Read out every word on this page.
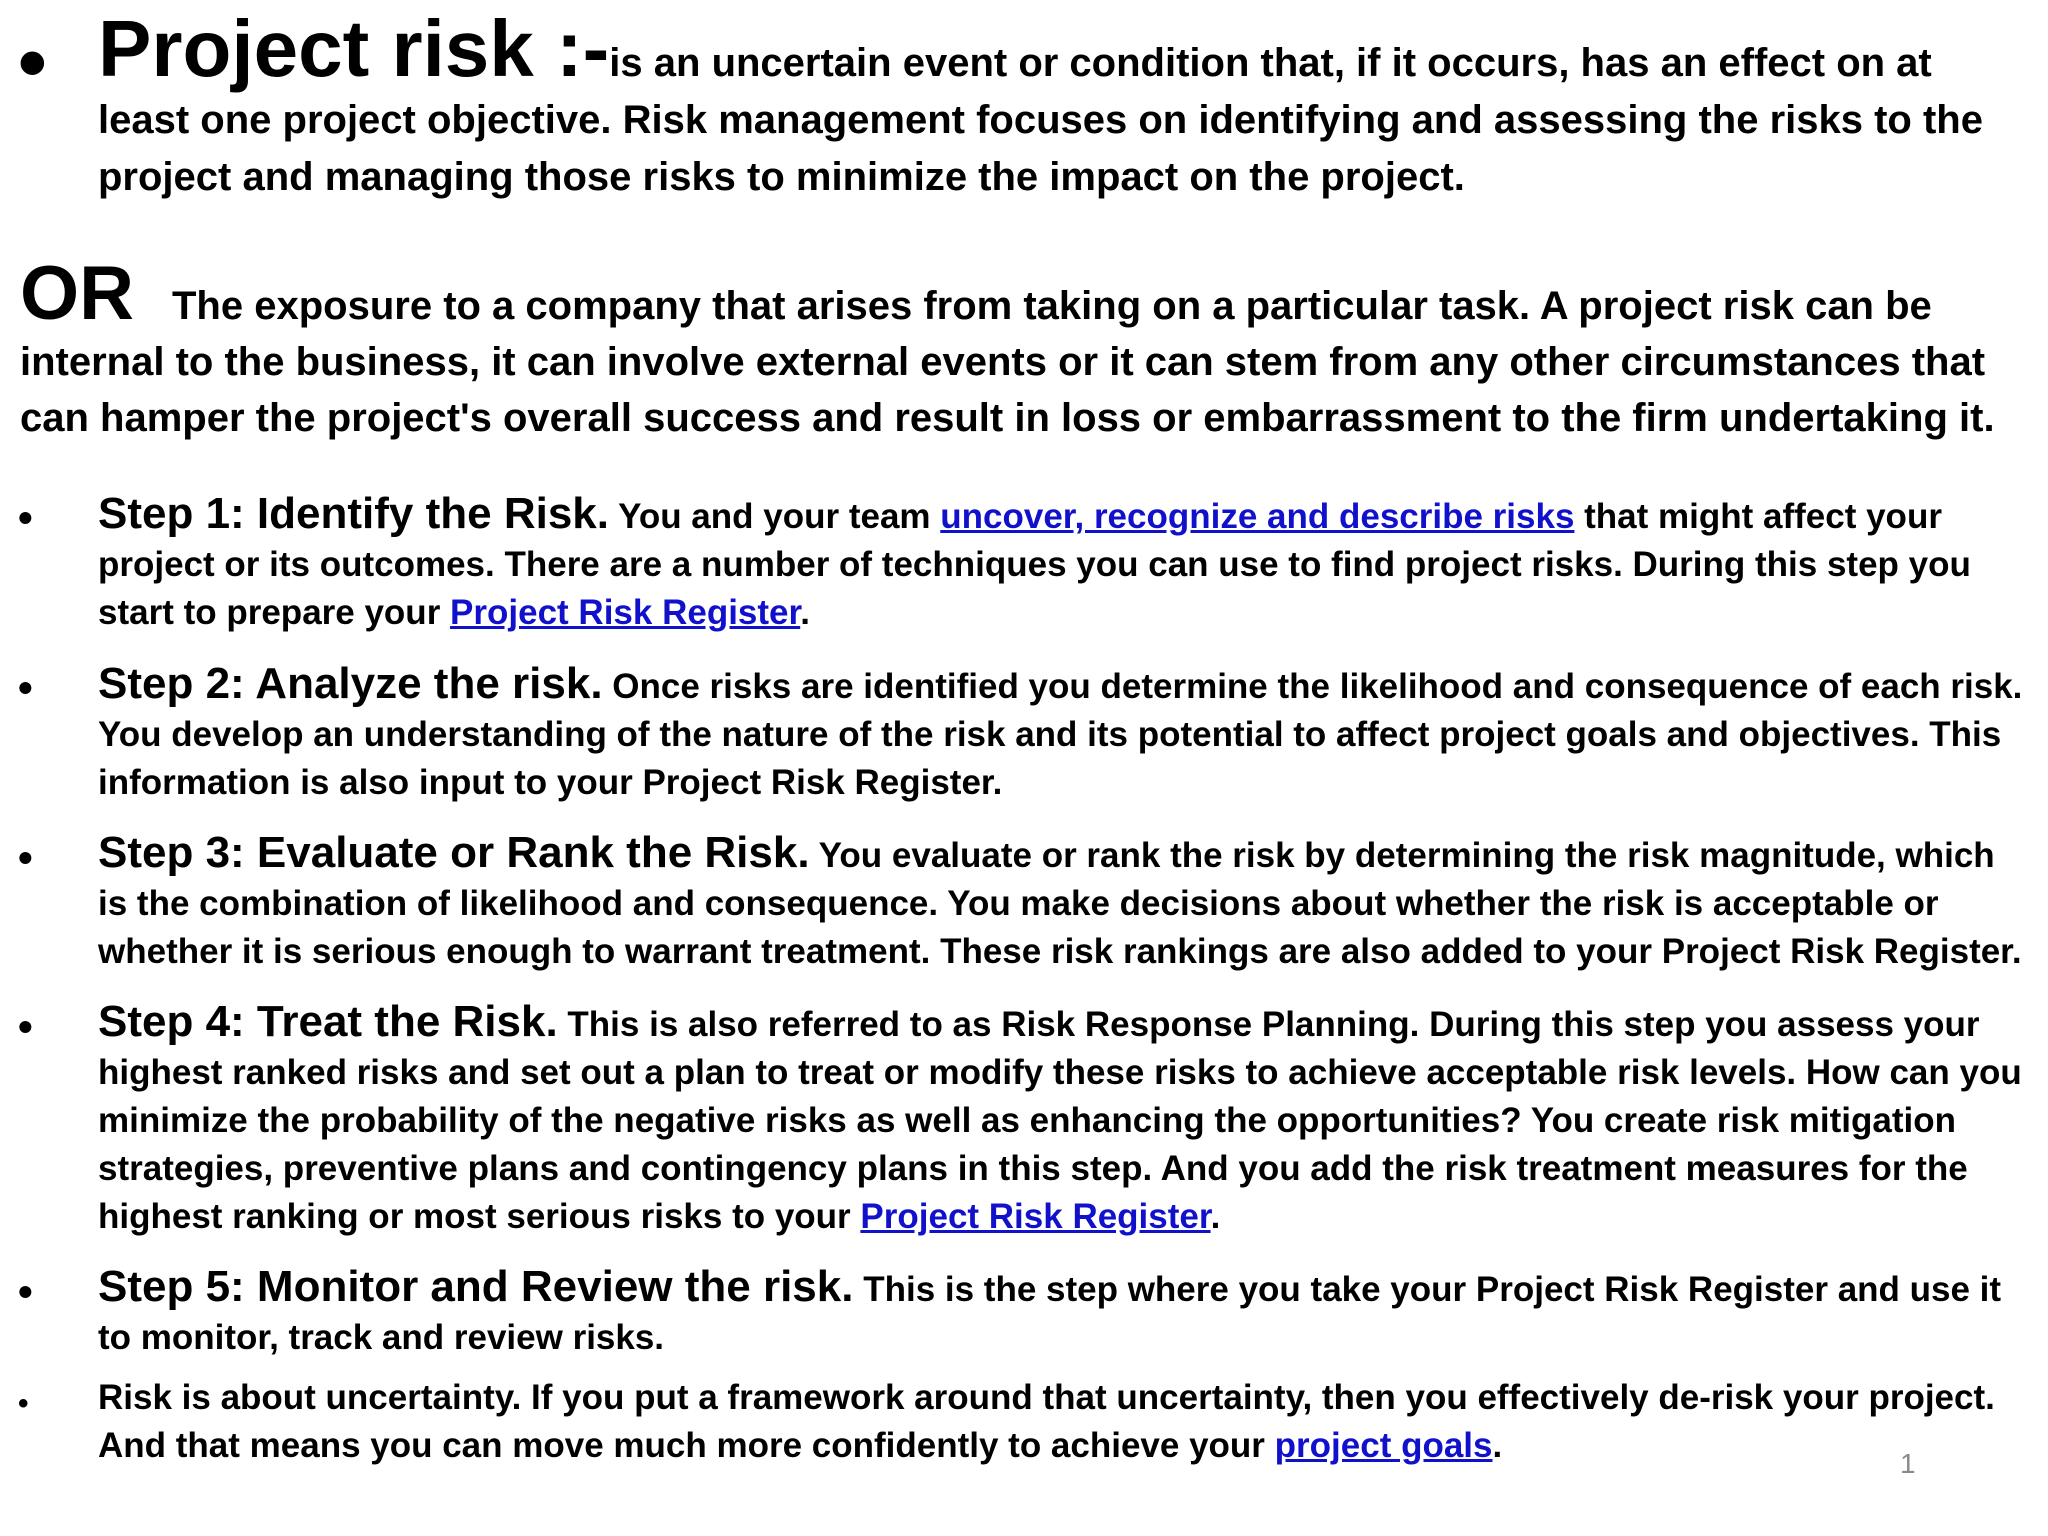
• Project risk :-is an uncertain event or condition that, if it occurs, has an effect on at least one project objective. Risk management focuses on identifying and assessing the risks to the project and managing those risks to minimize the impact on the project.
OR The exposure to a company that arises from taking on a particular task. A project risk can be internal to the business, it can involve external events or it can stem from any other circumstances that can hamper the project's overall success and result in loss or embarrassment to the firm undertaking it.
•	Step 1: Identify the Risk. You and your team uncover, recognize and describe risks that might affect your project or its outcomes. There are a number of techniques you can use to find project risks. During this step you start to prepare your Project Risk Register.
•	Step 2: Analyze the risk. Once risks are identified you determine the likelihood and consequence of each risk. You develop an understanding of the nature of the risk and its potential to affect project goals and objectives. This information is also input to your Project Risk Register.
•	Step 3: Evaluate or Rank the Risk. You evaluate or rank the risk by determining the risk magnitude, which is the combination of likelihood and consequence. You make decisions about whether the risk is acceptable or whether it is serious enough to warrant treatment. These risk rankings are also added to your Project Risk Register.
•	Step 4: Treat the Risk. This is also referred to as Risk Response Planning. During this step you assess your highest ranked risks and set out a plan to treat or modify these risks to achieve acceptable risk levels. How can you minimize the probability of the negative risks as well as enhancing the opportunities? You create risk mitigation strategies, preventive plans and contingency plans in this step. And you add the risk treatment measures for the highest ranking or most serious risks to your Project Risk Register.
•	Step 5: Monitor and Review the risk. This is the step where you take your Project Risk Register and use it to monitor, track and review risks.
•	Risk is about uncertainty. If you put a framework around that uncertainty, then you effectively de-risk your project. And that means you can move much more confidently to achieve your project goals.	1
